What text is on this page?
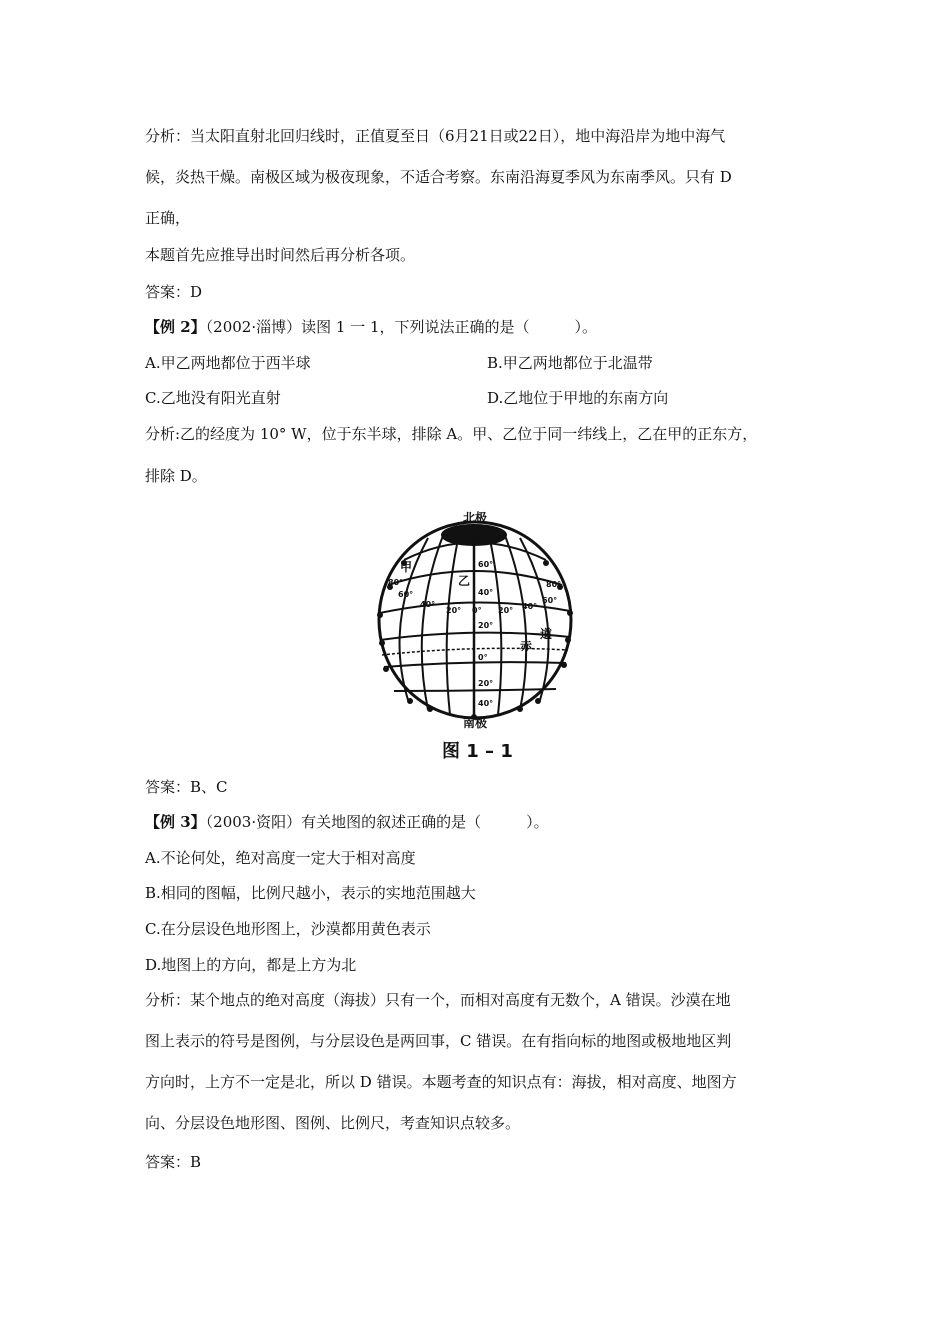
分析：当太阳直射北回归线时，正值夏至日（6月21日或22日），地中海沿岸为地中海气
候，炎热干燥。南极区域为极夜现象，不适合考察。东南沿海夏季风为东南季风。只有 D
正确，
本题首先应推导出时间然后再分析各项。
答案：D
【例 2】（2002·淄博）读图 1 一 1，下列说法正确的是（　　　）。
A.甲乙两地都位于西半球	B.甲乙两地都位于北温带
C.乙地没有阳光直射	D.乙地位于甲地的东南方向
分析:乙的经度为 10° W，位于东半球，排除 A。甲、乙位于同一纬线上，乙在甲的正东方，
排除 D。
北极
南极
甲
乙
赤
道
80°
60°
40°
20° 0° 20° 40°
60°
80°
60°
40°
20°
0°
20°
40°
图 1 – 1
答案：B、C
【例 3】（2003·资阳）有关地图的叙述正确的是（　　　）。
A.不论何处，绝对高度一定大于相对高度
B.相同的图幅，比例尺越小，表示的实地范围越大
C.在分层设色地形图上，沙漠都用黄色表示
D.地图上的方向，都是上方为北
分析：某个地点的绝对高度（海拔）只有一个，而相对高度有无数个，A 错误。沙漠在地
图上表示的符号是图例，与分层设色是两回事，C 错误。在有指向标的地图或极地地区判
方向时，上方不一定是北，所以 D 错误。本题考查的知识点有：海拔，相对高度、地图方
向、分层设色地形图、图例、比例尺，考查知识点较多。
答案：B
